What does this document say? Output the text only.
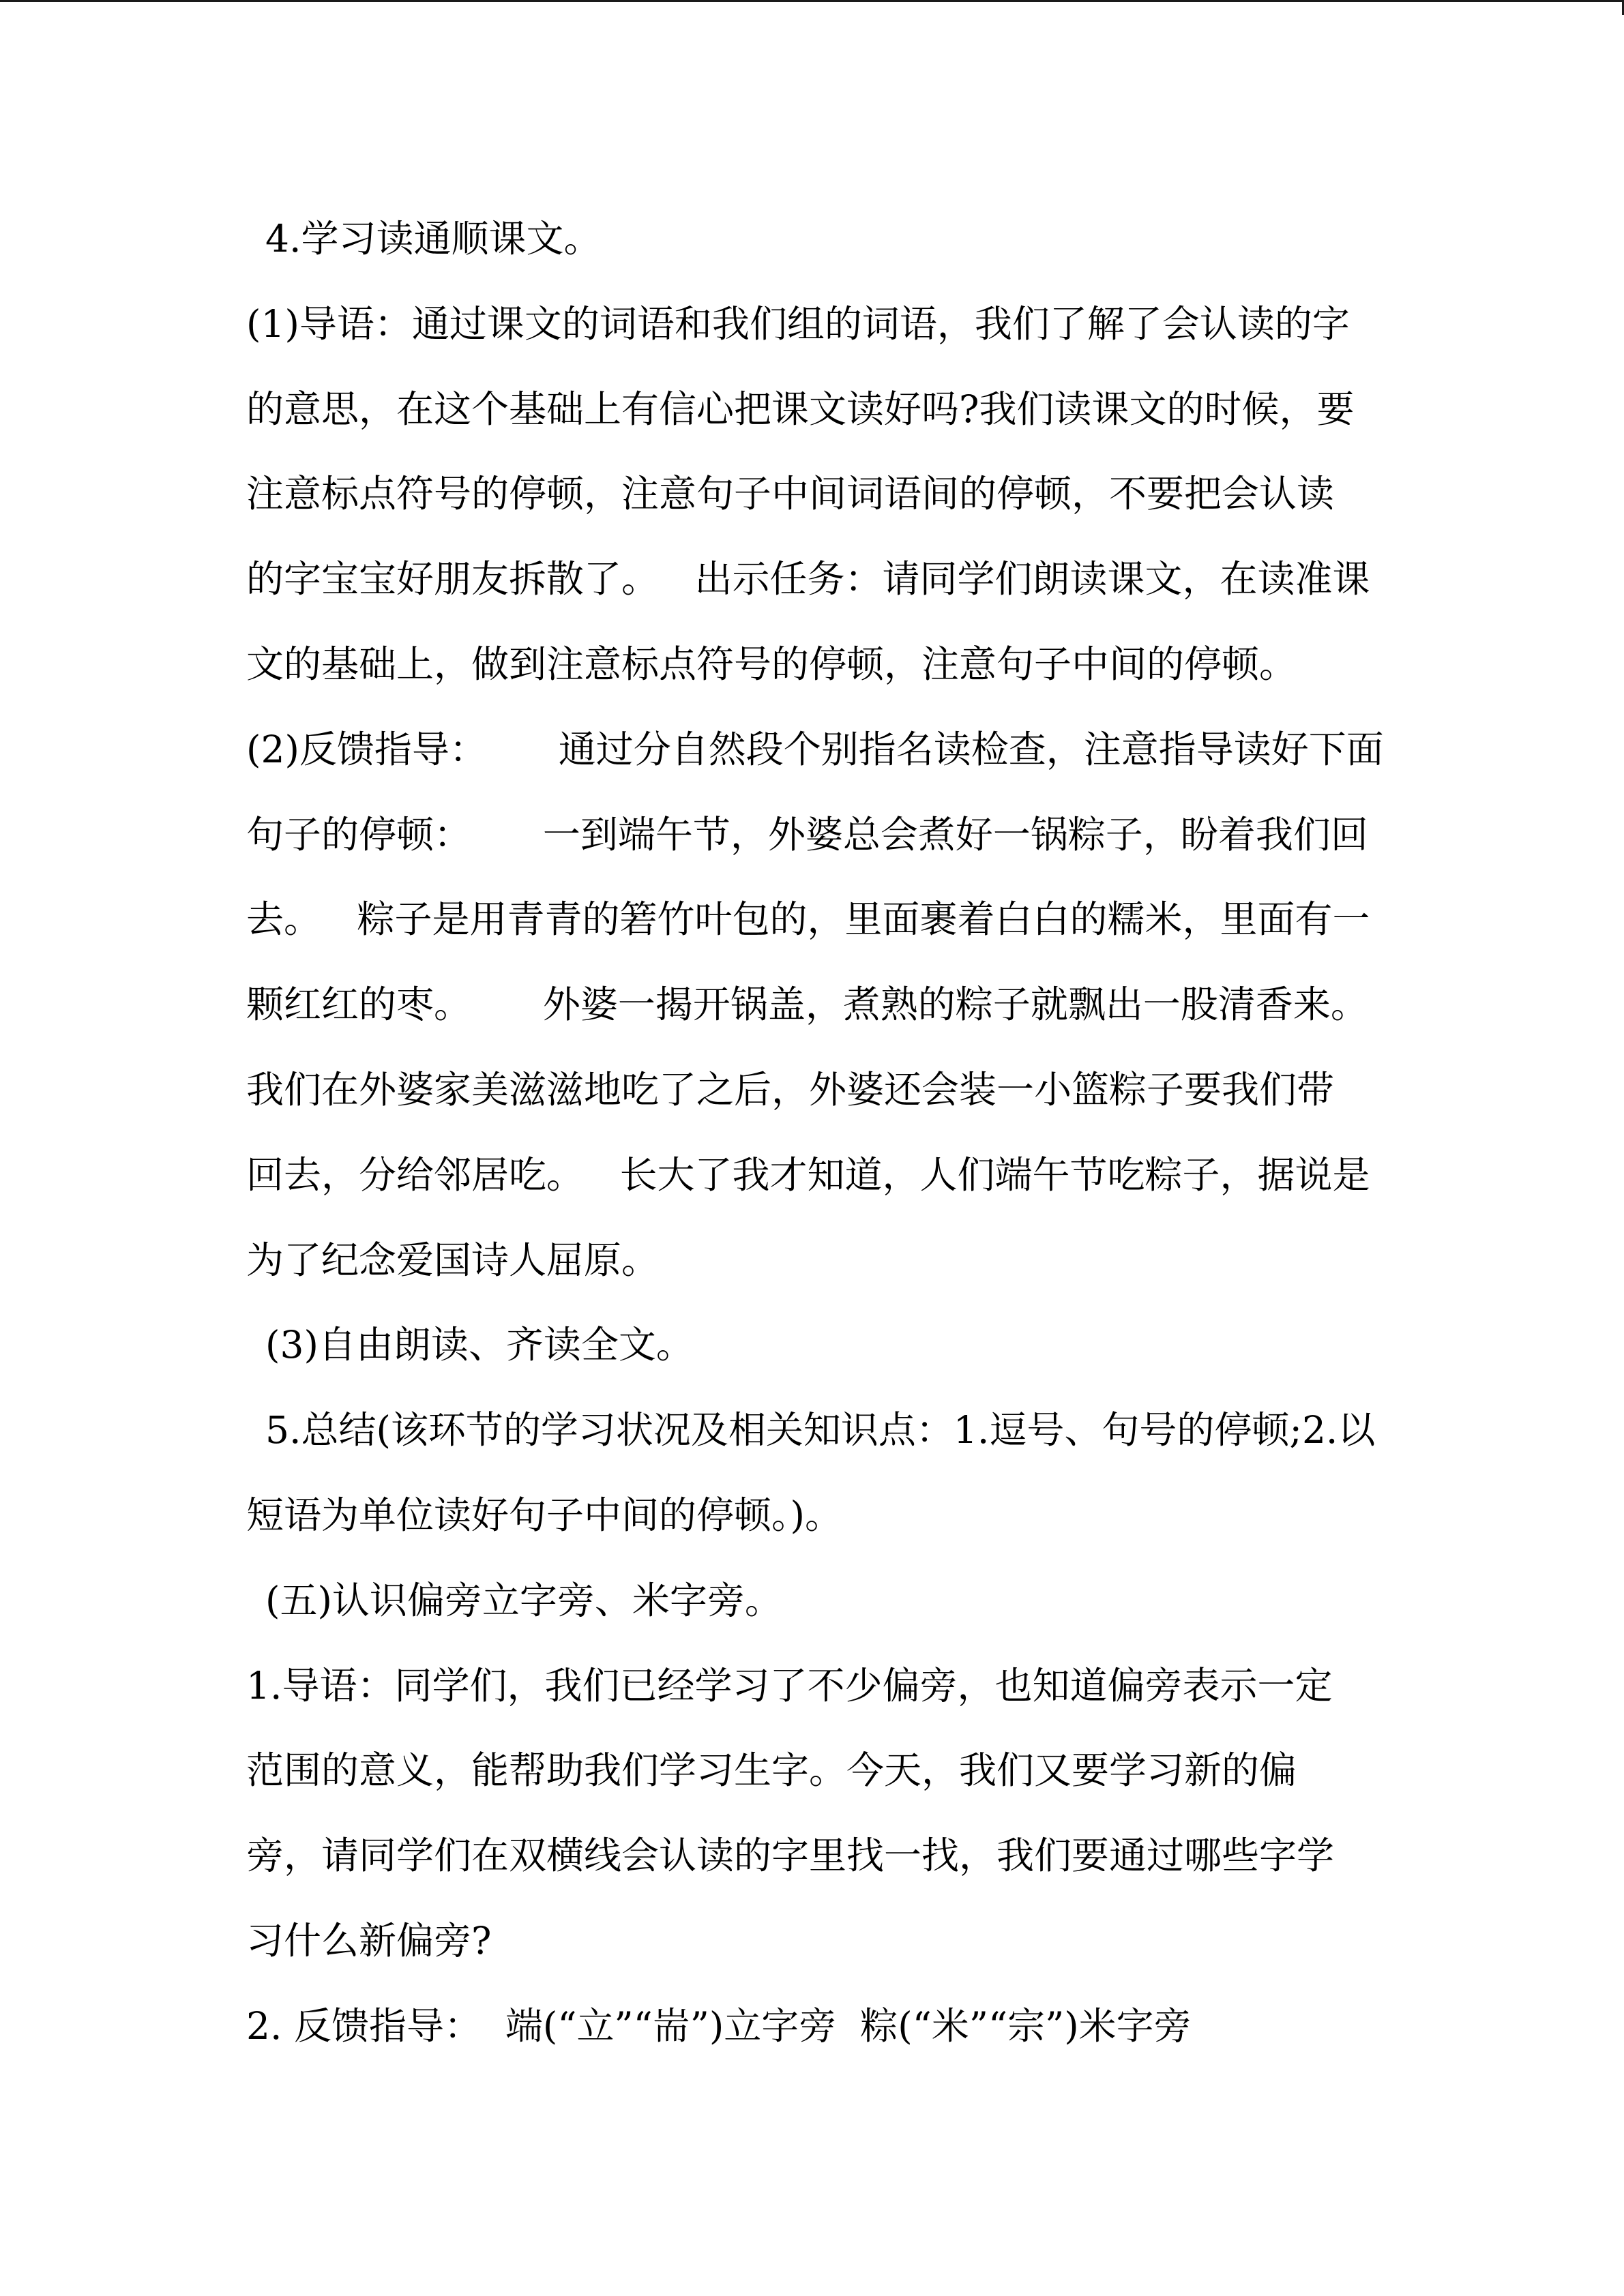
4.学习读通顺课文。
(1)导语：通过课文的词语和我们组的词语，我们了解了会认读的字
的意思，在这个基础上有信心把课文读好吗?我们读课文的时候，要
注意标点符号的停顿，注意句子中间词语间的停顿，不要把会认读
的字宝宝好朋友拆散了。   出示任务：请同学们朗读课文，在读准课
文的基础上，做到注意标点符号的停顿，注意句子中间的停顿。
(2)反馈指导：      通过分自然段个别指名读检查，注意指导读好下面
句子的停顿：      一到端午节，外婆总会煮好一锅粽子，盼着我们回
去。   粽子是用青青的箬竹叶包的，里面裹着白白的糯米，里面有一
颗红红的枣。      外婆一揭开锅盖，煮熟的粽子就飘出一股清香来。
我们在外婆家美滋滋地吃了之后，外婆还会装一小篮粽子要我们带
回去，分给邻居吃。   长大了我才知道，人们端午节吃粽子，据说是
为了纪念爱国诗人屈原。
(3)自由朗读、齐读全文。
5.总结(该环节的学习状况及相关知识点：1.逗号、句号的停顿;2.以
短语为单位读好句子中间的停顿。)。
(五)认识偏旁立字旁、米字旁。
1.导语：同学们，我们已经学习了不少偏旁，也知道偏旁表示一定
范围的意义，能帮助我们学习生字。今天，我们又要学习新的偏
旁，请同学们在双横线会认读的字里找一找，我们要通过哪些字学
习什么新偏旁?
2. 反馈指导：  端(“立”“耑”)立字旁  粽(“米”“宗”)米字旁
